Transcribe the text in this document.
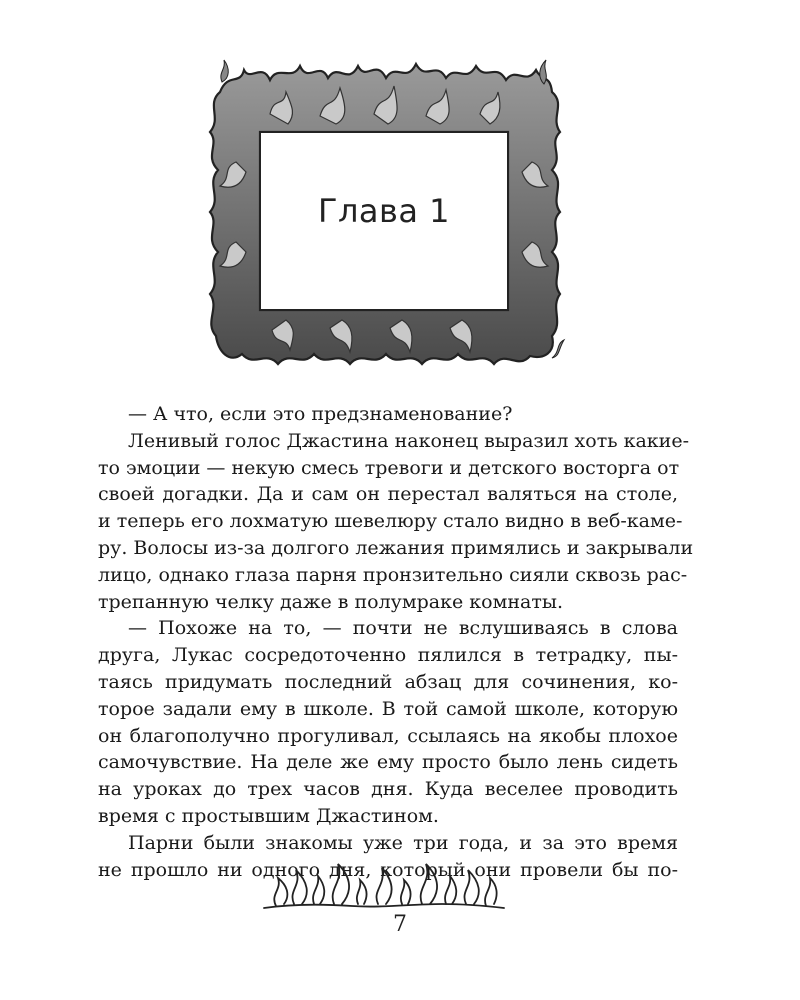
Глава 1
— А что, если это предзнаменование?
Ленивый голос Джастина наконец выразил хоть какие-
то эмоции — некую смесь тревоги и детского восторга от
своей догадки. Да и сам он перестал валяться на столе,
и теперь его лохматую шевелюру стало видно в веб-каме-
ру. Волосы из-за долгого лежания примялись и закрывали
лицо, однако глаза парня пронзительно сияли сквозь рас-
трепанную челку даже в полумраке комнаты.
— Похоже на то, — почти не вслушиваясь в слова
друга, Лукас сосредоточенно пялился в тетрадку, пы-
таясь придумать последний абзац для сочинения, ко-
торое задали ему в школе. В той самой школе, которую
он благополучно прогуливал, ссылаясь на якобы плохое
самочувствие. На деле же ему просто было лень сидеть
на уроках до трех часов дня. Куда веселее проводить
время с простывшим Джастином.
Парни были знакомы уже три года, и за это время
не прошло ни одного дня, который они провели бы по-
7
